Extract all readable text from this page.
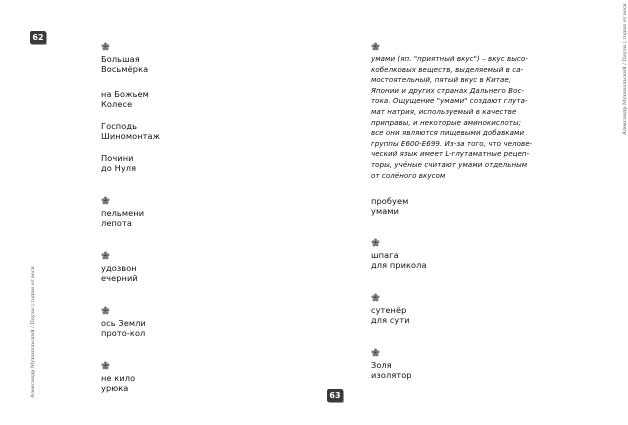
62
Александр Муханальский / Паузы | годам от воск
Большая
Восьмёрка
на Божьем
Колесе
Господь
Шиномонтаж
Почини
до Нуля
пельмени
лепота
удозвон
ечерний
ось Земли
прото-кол
не кило
урюка
63
Александр Муханальский / Паузы | годам от воск
умами (яп. "приятный вкус") – вкус высо-
кобелковых веществ, выделяемый в са-
мостоятельный, пятый вкус в Китае,
Японии и других странах Дальнего Вос-
тока. Ощущение "умами" создают глута-
мат натрия, используемый в качестве
приправы, и некоторые аминокислоты;
все они являются пищевыми добавками
группы Е600-Е699. Из-за того, что челове-
ческий язык имеет L-глутаматные рецеп-
торы, учёные считают умами отдельным
от солёного вкусом
пробуем
умами
шпага
для прикола
сутенёр
для сути
Золя
изолятор
